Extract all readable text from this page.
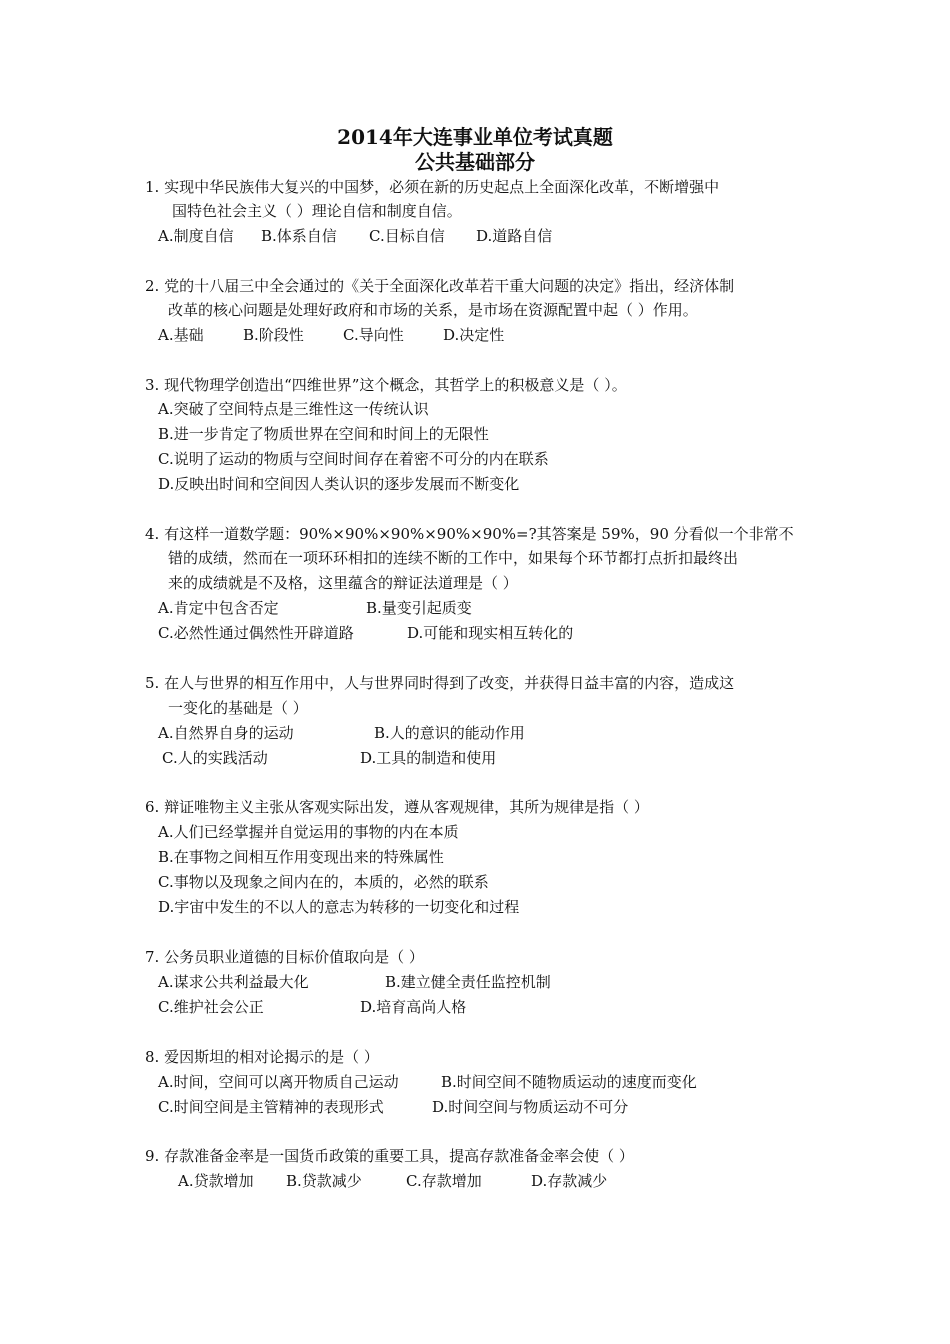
2014年大连事业单位考试真题
公共基础部分
1. 实现中华民族伟大复兴的中国梦，必须在新的历史起点上全面深化改革，不断增强中
国特色社会主义（ ）理论自信和制度自信。
A.制度自信 B.体系自信 C.目标自信 D.道路自信
2. 党的十八届三中全会通过的《关于全面深化改革若干重大问题的决定》指出，经济体制
改革的核心问题是处理好政府和市场的关系，是市场在资源配置中起（ ）作用。
A.基础	B.阶段性	C.导向性	D.决定性
3. 现代物理学创造出“四维世界”这个概念，其哲学上的积极意义是（ ）。
A.突破了空间特点是三维性这一传统认识
B.进一步肯定了物质世界在空间和时间上的无限性
C.说明了运动的物质与空间时间存在着密不可分的内在联系
D.反映出时间和空间因人类认识的逐步发展而不断变化
4. 有这样一道数学题：90%×90%×90%×90%×90%=?其答案是 59%，90 分看似一个非常不
错的成绩，然而在一项环环相扣的连续不断的工作中，如果每个环节都打点折扣最终出
来的成绩就是不及格，这里蕴含的辩证法道理是（ ）
A.肯定中包含否定	B.量变引起质变
C.必然性通过偶然性开辟道路	D.可能和现实相互转化的
5. 在人与世界的相互作用中，人与世界同时得到了改变，并获得日益丰富的内容，造成这
一变化的基础是（ ）
A.自然界自身的运动	B.人的意识的能动作用
C.人的实践活动	D.工具的制造和使用
6. 辩证唯物主义主张从客观实际出发，遵从客观规律，其所为规律是指（ ）
A.人们已经掌握并自觉运用的事物的内在本质
B.在事物之间相互作用变现出来的特殊属性
C.事物以及现象之间内在的，本质的，必然的联系
D.宇宙中发生的不以人的意志为转移的一切变化和过程
7. 公务员职业道德的目标价值取向是（ ）
A.谋求公共利益最大化	B.建立健全责任监控机制
C.维护社会公正	D.培育高尚人格
8. 爱因斯坦的相对论揭示的是（ ）
A.时间，空间可以离开物质自己运动	B.时间空间不随物质运动的速度而变化
C.时间空间是主管精神的表现形式	D.时间空间与物质运动不可分
9. 存款准备金率是一国货币政策的重要工具，提高存款准备金率会使（ ）
A.贷款增加 B.贷款减少	C.存款增加	D.存款减少
